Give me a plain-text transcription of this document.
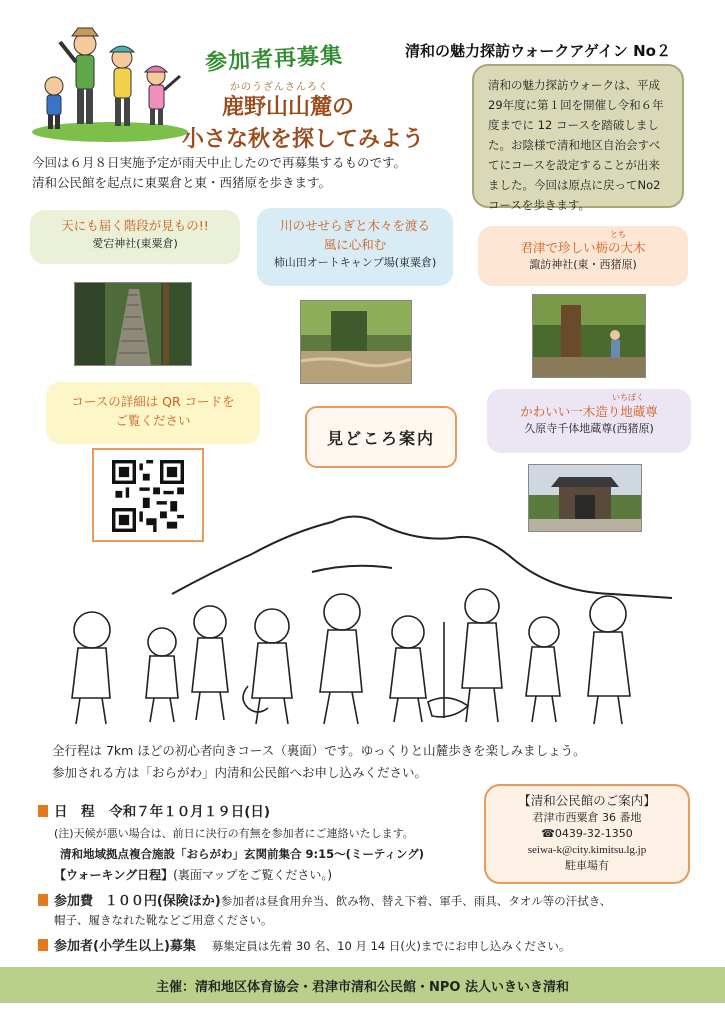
参加者再募集	清和の魅力探訪ウォークアゲイン No２
かのうざんさんろく
鹿野山山麓の
小さな秋を探してみよう
今回は６月８日実施予定が雨天中止したので再募集するものです。
清和公民館を起点に東粟倉と東・西猪原を歩きます。
清和の魅力探訪ウォークは、平成29年度に第１回を開催し令和６年度までに 12 コースを踏破しました。お陰様で清和地区自治会すべてにコースを設定することが出来ました。今回は原点に戻ってNo2コースを歩きます。
天にも届く階段が見もの!!
愛宕神社(東粟倉)
川のせせらぎと木々を渡る
風に心和む
柿山田オートキャンプ場(東粟倉)
とち
君津で珍しい栃の大木
諏訪神社(東・西猪原)
コースの詳細は QR コードを
ご覧ください
見どころ案内
いちぼく
かわいい一木造り地蔵尊
久原寺千体地蔵尊(西猪原)
全行程は 7km ほどの初心者向きコース（裏面）です。ゆっくりと山麓歩きを楽しみましょう。
参加される方は「おらがわ」内清和公民館へお申し込みください。
日　程 令和７年１０月１９日(日)
(注)天候が悪い場合は、前日に決行の有無を参加者にご連絡いたします。
清和地域拠点複合施設「おらがわ」玄関前集合 9:15～(ミーティング)
【ウォーキング日程】(裏面マップをご覧ください。)
参加費 １００円(保険ほか)参加者は昼食用弁当、飲み物、替え下着、軍手、雨具、タオル等の汗拭き、
帽子、履きなれた靴などご用意ください。
参加者(小学生以上)募集 募集定員は先着 30 名、10 月 14 日(火)までにお申し込みください。
【清和公民館のご案内】
君津市西粟倉 36 番地
☎0439-32-1350
seiwa-k@city.kimitsu.lg.jp
駐車場有
主催：清和地区体育協会・君津市清和公民館・NPO 法人いきいき清和
